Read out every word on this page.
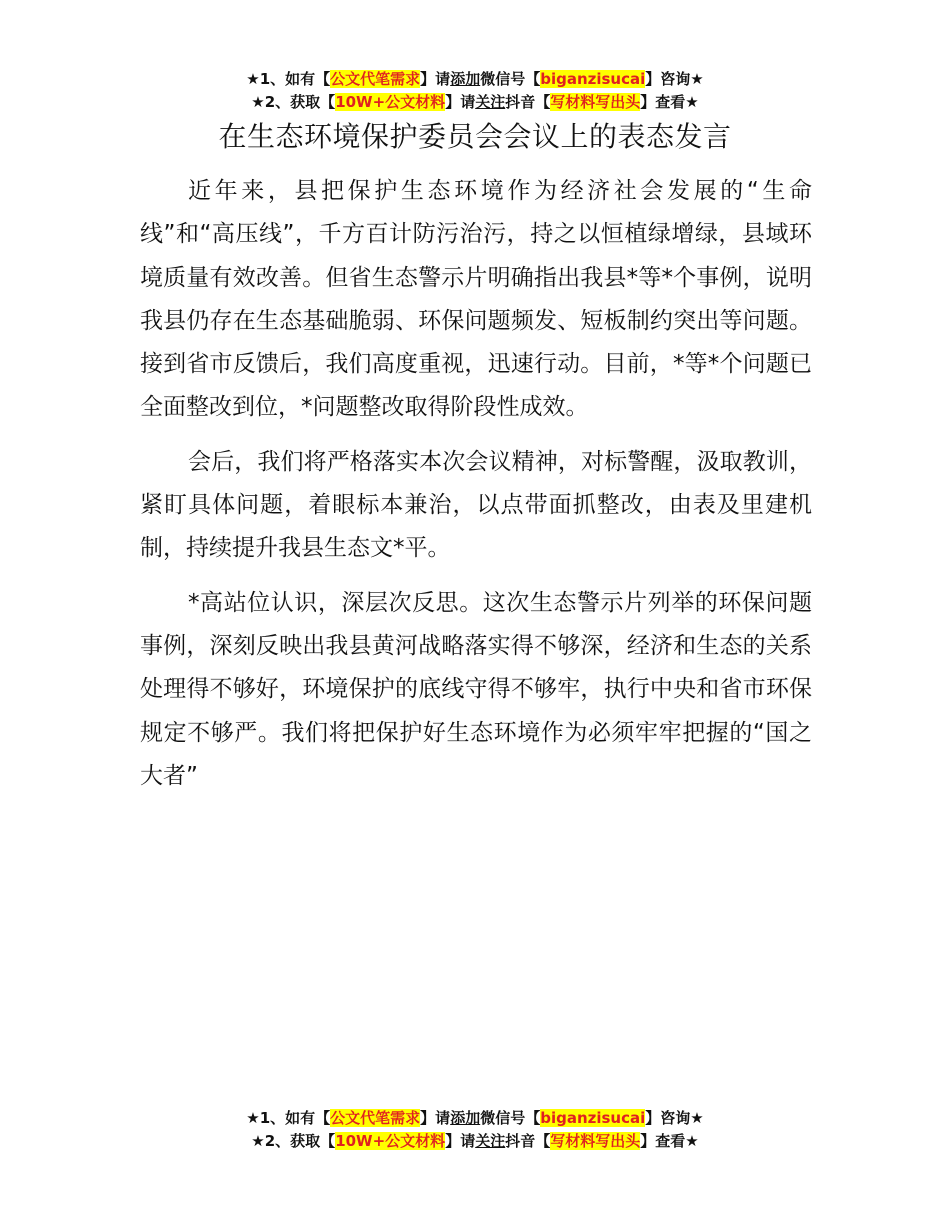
★1、如有【公文代笔需求】请添加微信号【biganzisucai】咨询★
★2、获取【10W+公文材料】请关注抖音【写材料写出头】查看★
在生态环境保护委员会会议上的表态发言

近年来，县把保护生态环境作为经济社会发展的“生命线”和“高压线”，千方百计防污治污，持之以恒植绿增绿，县域环境质量有效改善。但省生态警示片明确指出我县*等*个事例，说明我县仍存在生态基础脆弱、环保问题频发、短板制约突出等问题。接到省市反馈后，我们高度重视，迅速行动。目前，*等*个问题已全面整改到位，*问题整改取得阶段性成效。

会后，我们将严格落实本次会议精神，对标警醒，汲取教训，紧盯具体问题，着眼标本兼治，以点带面抓整改，由表及里建机制，持续提升我县生态文*平。

*高站位认识，深层次反思。这次生态警示片列举的环保问题事例，深刻反映出我县黄河战略落实得不够深，经济和生态的关系处理得不够好，环境保护的底线守得不够牢，执行中央和省市环保规定不够严。我们将把保护好生态环境作为必须牢牢把握的“国之大者”

★1、如有【公文代笔需求】请添加微信号【biganzisucai】咨询★
★2、获取【10W+公文材料】请关注抖音【写材料写出头】查看★
